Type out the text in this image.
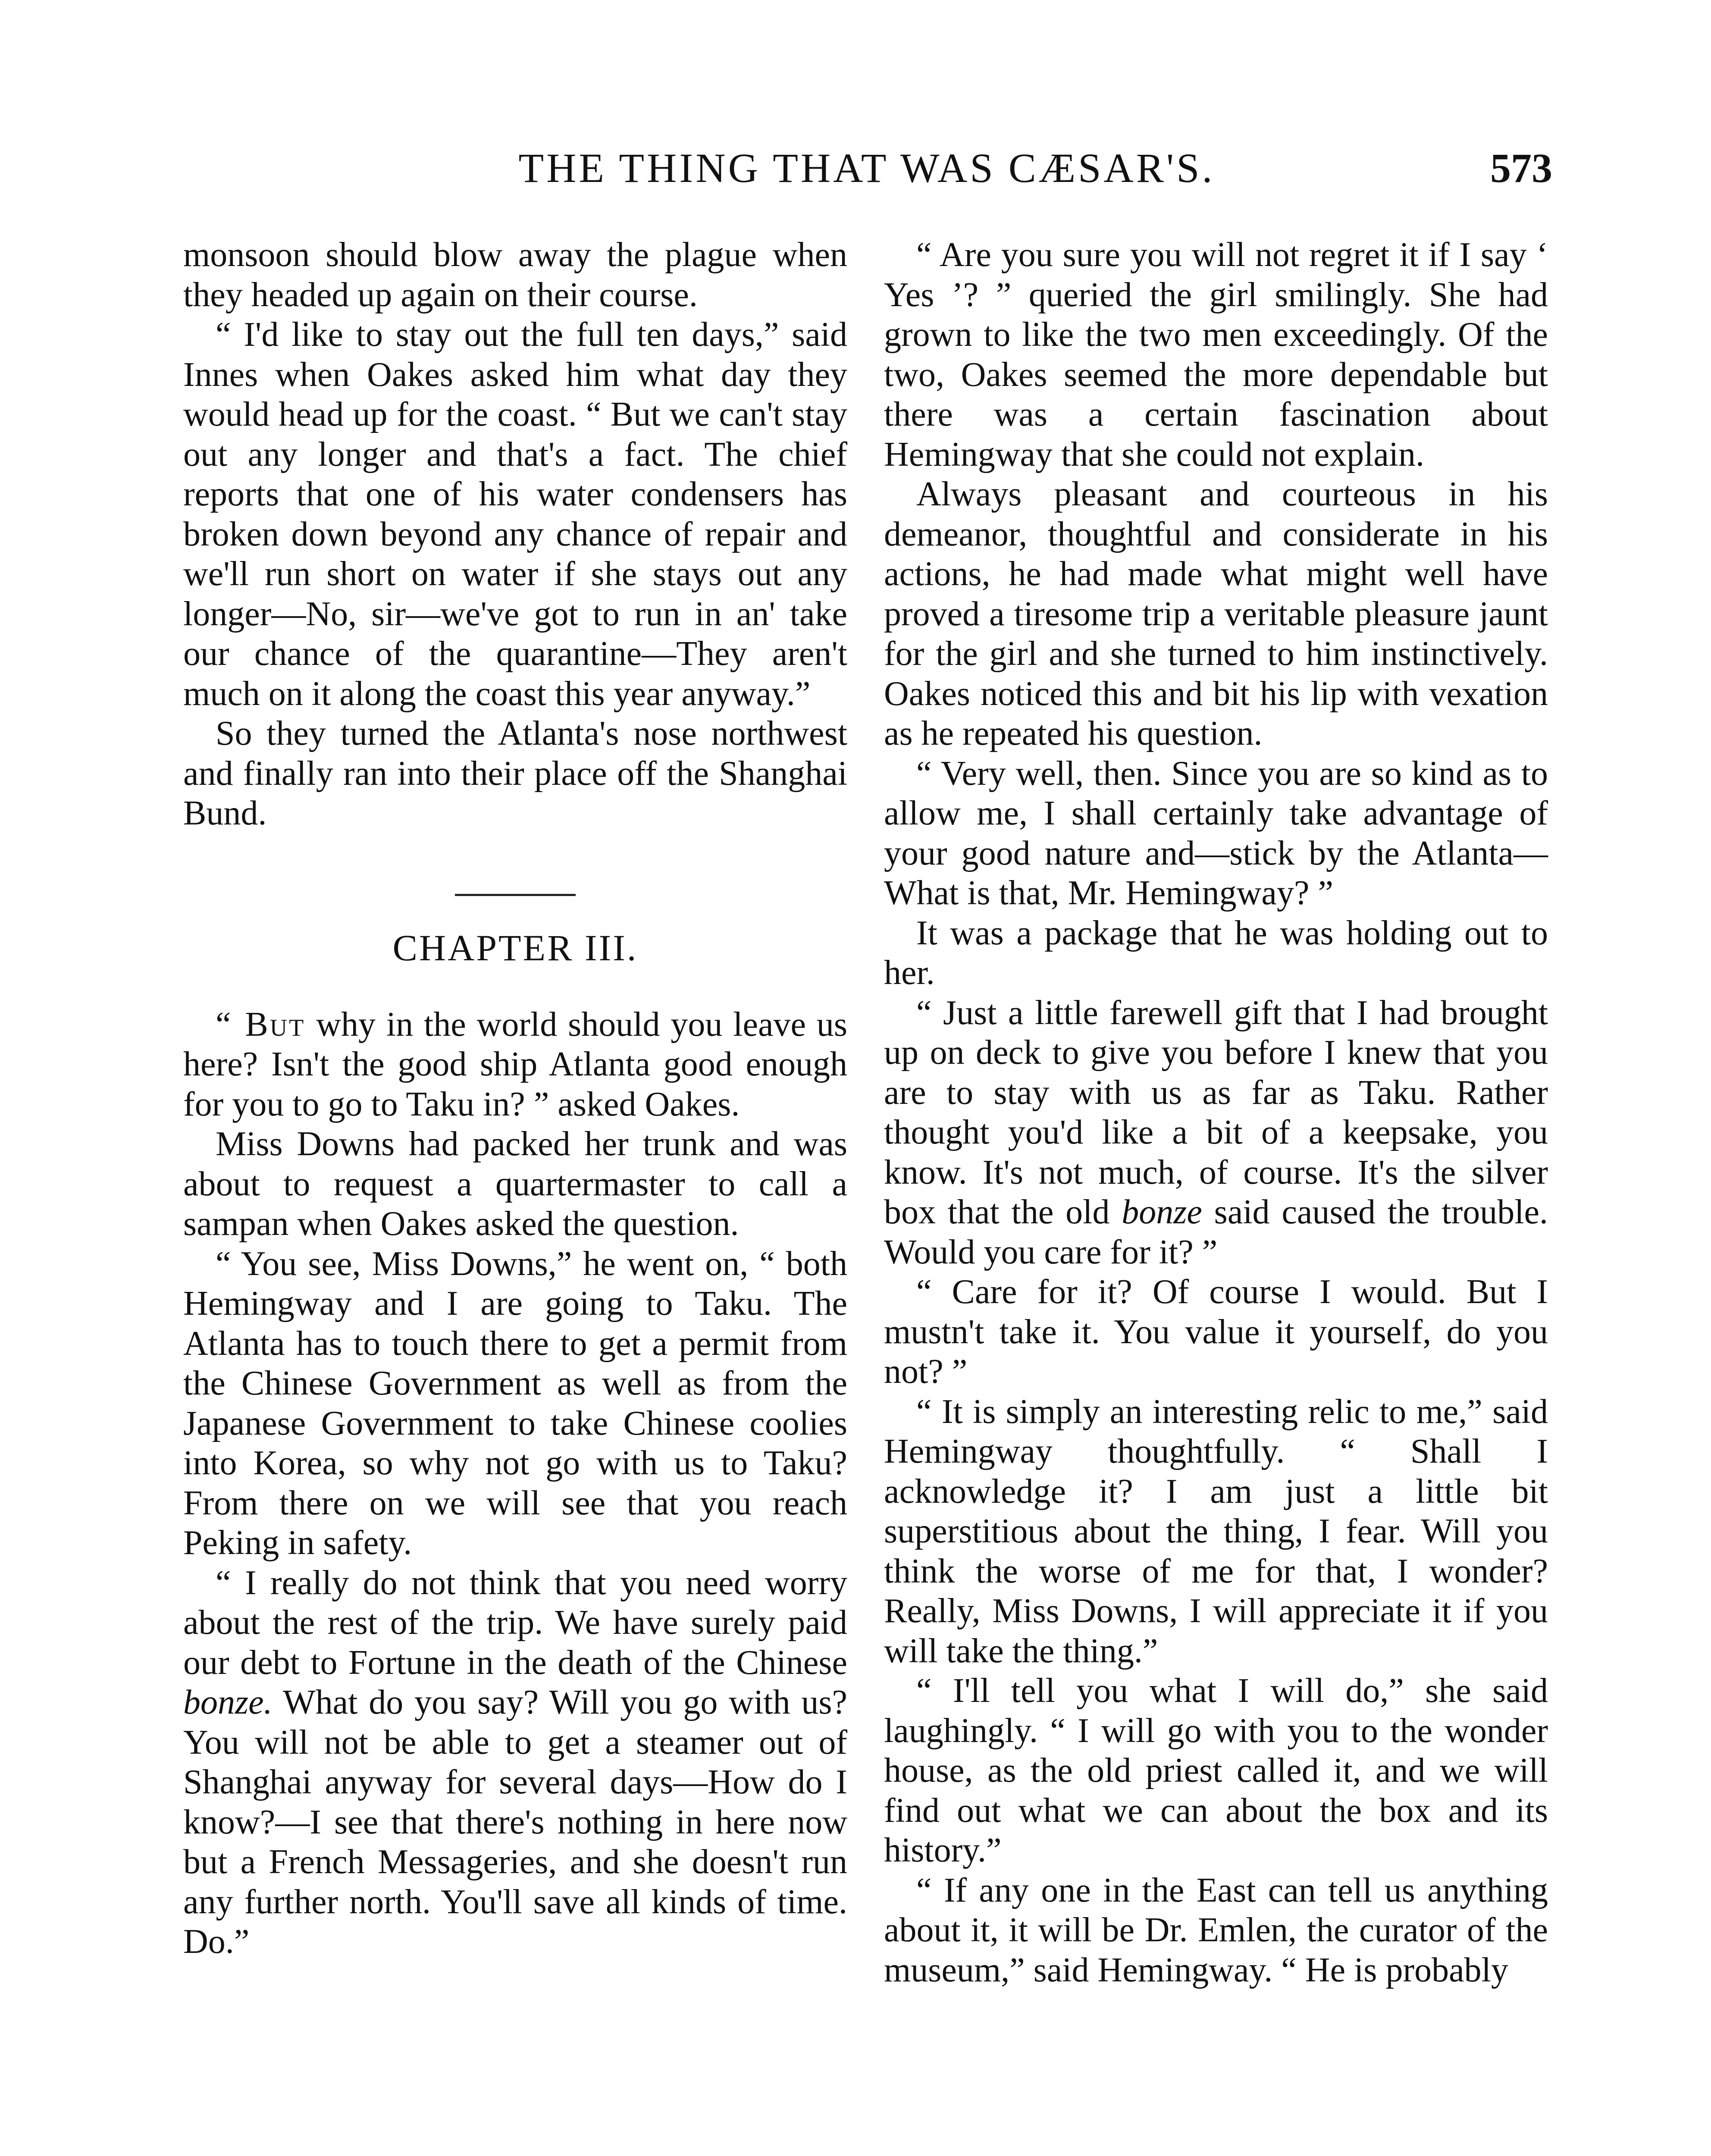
THE THING THAT WAS CÆSAR'S.	573

monsoon should blow away the plague when they headed up again on their course.

“ I'd like to stay out the full ten days,” said Innes when Oakes asked him what day they would head up for the coast. “ But we can't stay out any longer and that's a fact. The chief reports that one of his water condensers has broken down beyond any chance of repair and we'll run short on water if she stays out any longer—No, sir—we've got to run in an' take our chance of the quarantine—They aren't much on it along the coast this year anyway.”

So they turned the Atlanta's nose northwest and finally ran into their place off the Shanghai Bund.

CHAPTER III.

“ But why in the world should you leave us here? Isn't the good ship Atlanta good enough for you to go to Taku in? ” asked Oakes.

Miss Downs had packed her trunk and was about to request a quartermaster to call a sampan when Oakes asked the question.

“ You see, Miss Downs,” he went on, “ both Hemingway and I are going to Taku. The Atlanta has to touch there to get a permit from the Chinese Government as well as from the Japanese Government to take Chinese coolies into Korea, so why not go with us to Taku? From there on we will see that you reach Peking in safety.

“ I really do not think that you need worry about the rest of the trip. We have surely paid our debt to Fortune in the death of the Chinese bonze. What do you say? Will you go with us? You will not be able to get a steamer out of Shanghai anyway for several days—How do I know?—I see that there's nothing in here now but a French Messageries, and she doesn't run any further north. You'll save all kinds of time. Do.”

“ Are you sure you will not regret it if I say ‘ Yes ’? ” queried the girl smilingly. She had grown to like the two men exceedingly. Of the two, Oakes seemed the more dependable but there was a certain fascination about Hemingway that she could not explain.

Always pleasant and courteous in his demeanor, thoughtful and considerate in his actions, he had made what might well have proved a tiresome trip a veritable pleasure jaunt for the girl and she turned to him instinctively. Oakes noticed this and bit his lip with vexation as he repeated his question.

“ Very well, then. Since you are so kind as to allow me, I shall certainly take advantage of your good nature and—stick by the Atlanta—What is that, Mr. Hemingway? ”

It was a package that he was holding out to her.

“ Just a little farewell gift that I had brought up on deck to give you before I knew that you are to stay with us as far as Taku. Rather thought you'd like a bit of a keepsake, you know. It's not much, of course. It's the silver box that the old bonze said caused the trouble. Would you care for it? ”

“ Care for it? Of course I would. But I mustn't take it. You value it yourself, do you not? ”

“ It is simply an interesting relic to me,” said Hemingway thoughtfully. “ Shall I acknowledge it? I am just a little bit superstitious about the thing, I fear. Will you think the worse of me for that, I wonder? Really, Miss Downs, I will appreciate it if you will take the thing.”

“ I'll tell you what I will do,” she said laughingly. “ I will go with you to the wonder house, as the old priest called it, and we will find out what we can about the box and its history.”

“ If any one in the East can tell us anything about it, it will be Dr. Emlen, the curator of the museum,” said Hemingway. “ He is probably
